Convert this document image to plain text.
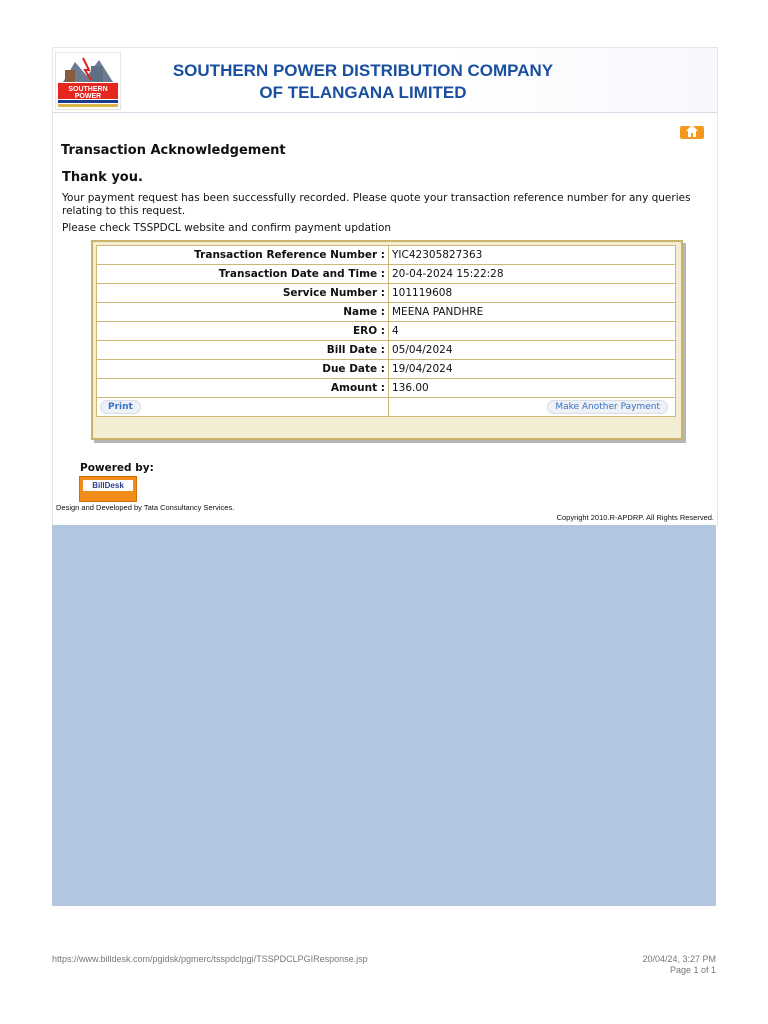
SOUTHERN
POWER
SOUTHERN POWER DISTRIBUTION COMPANY
OF TELANGANA LIMITED
Transaction Acknowledgement
Thank you.
Your payment request has been successfully recorded. Please quote your transaction reference number for any queries relating to this request.
Please check TSSPDCL website and confirm payment updation
Transaction Reference Number :	YIC42305827363
Transaction Date and Time :	20-04-2024 15:22:28
Service Number :	101119608
Name :	MEENA PANDHRE
ERO :	4
Bill Date :	05/04/2024
Due Date :	19/04/2024
Amount :	136.00
Print	Make Another Payment
Powered by:
BillDesk
Design and Developed by Tata Consultancy Services.
Copyright 2010.R-APDRP. All Rights Reserved.
https://www.billdesk.com/pgidsk/pgmerc/tsspdclpgi/TSSPDCLPGIResponse.jsp	20/04/24, 3:27 PM
Page 1 of 1
